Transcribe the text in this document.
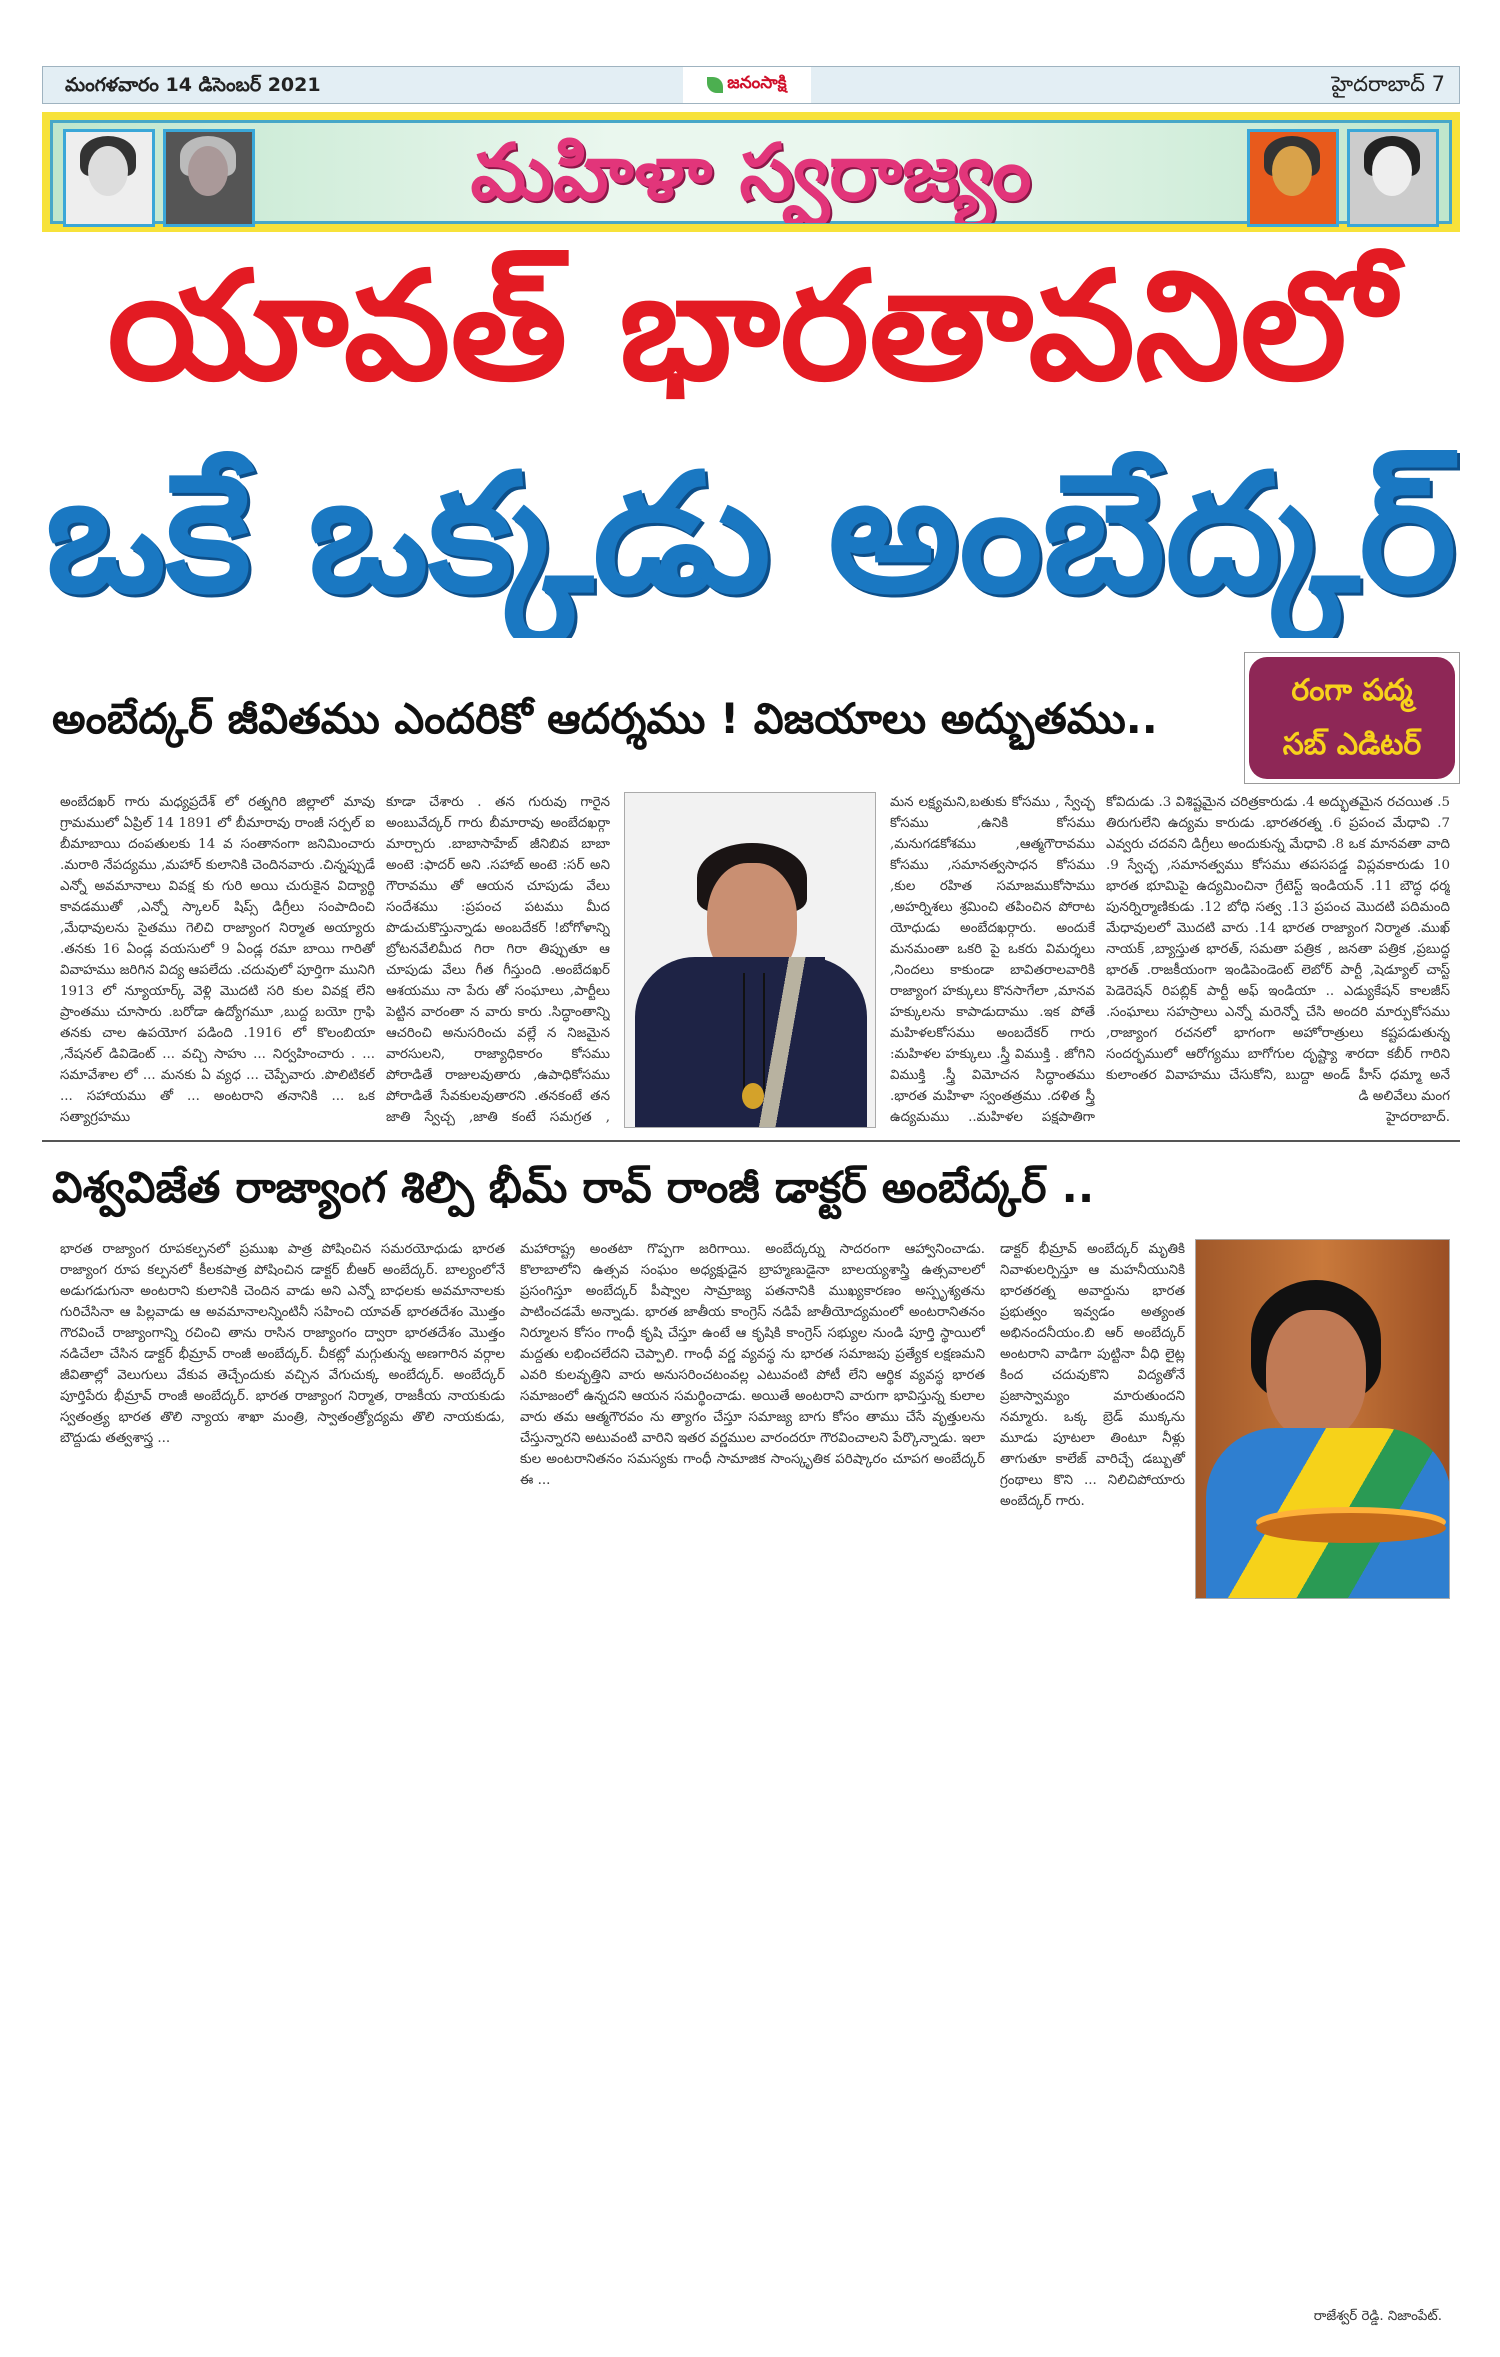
మంగళవారం 14 డిసెంబర్ 2021	జనంసాక్షి	హైదరాబాద్ 7
మహిళా స్వరాజ్యం
యావత్ భారతావనిలో
ఒకే ఒక్కడు అంబేద్కర్
అంబేద్కర్ జీవితము ఎందరికో ఆదర్శము ! విజయాలు అద్భుతము..
రంగా పద్మ
సబ్ ఎడిటర్

అంబేదఖర్ గారు మధ్యప్రదేశ్ లో రత్నగిరి జిల్లాలో మావు గ్రామములో ఏప్రిల్ 14 1891 లో బీమారావు రాంజీ సర్పల్ ఐ బీమాబాయి దంపతులకు 14 వ సంతానంగా జనిమించారు .మరాఠి నేపద్యము ,మహార్ కులానికి చెందినవారు .చిన్నప్పుడే ఎన్నో అవమానాలు వివక్ష కు గురి అయి చురుకైన విద్యార్థి కావడముతో ,ఎన్నో స్కాలర్ షిప్స్ డిగ్రీలు సంపాదించి ,మేధావులను సైతము గెలిచి రాజ్యాంగ నిర్మాత అయ్యారు .తనకు 16 ఏండ్ల వయసులో 9 ఏండ్ల రమా బాయి గారితో వివాహము జరిగిన విద్య ఆపలేదు .చదువులో పూర్తిగా మునిగి 1913 లో న్యూయార్క్ వెళ్లి మొదటి సరి కుల వివక్ష లేని ప్రాంతము చూసారు .బరోడా ఉద్యోగమూ ,బుద్ద బయో గ్రాఫి తనకు చాల ఉపయోగ పడింది .1916 లో కొలంబియా ,నేషనల్ డివిడెంట్ ... వచ్చి సాహు ... నిర్వహించారు . ... సమావేశాల లో ... మనకు ఏ వ్యధ ... చెప్పేవారు .పొలిటికల్ ... సహాయము తో ... అంటరాని తనానికి ... ఒక సత్యాగ్రహము

కూడా చేశారు . తన గురువు గారైన అంబువేద్కర్ గారు బీమారావు అంబేదఖర్గా మార్చారు .బాబాసాహేబ్ జీనిబివ బాబా అంటె :ఫాదర్ అని .సహాబ్ అంటె :సర్ అని గౌరావము తో ఆయన చూపుడు వేలు సందేశము :ప్రపంచ పటము మీద పొడుచుకొస్తున్నాడు అంబదేకర్ !బోగోళాన్ని బ్రోటనవేలిమీద గిరా గిరా తిప్పుతూ ఆ చూపుడు వేలు గీత గీస్తుంది .అంబేదఖర్ ఆశయము నా పేరు తో సంఘాలు ,పార్టీలు పెట్టిన వారంతా న వారు కారు .సిద్ధాంతాన్ని ఆచరించి అనుసరించు వల్లే న నిజమైన వారసులని, రాజ్యాధికారం కోసము పోరాడితే రాజులవుతారు ,ఉపాధికోసము పోరాడితే సేవకులవుతారని .తనకంటే తన జాతి స్వేచ్చ ,జాతి కంటే సమగ్రత ,

మన లక్ష్యమని,బతుకు కోసము , స్వేచ్ఛ కోసము ,ఉనికి కోసము ,మనుగడకోశము ,ఆత్మగౌరావము కోసము ,సమానత్వసాధన కోసము ,కుల రహిత సమాజముకోసాము ,అహర్నిశలు శ్రమించి తపించిన పోరాట యోధుడు అంబేదఖర్గారు. అందుకే మనమంతా ఒకరి పై ఒకరు విమర్శలు ,నిందలు కాకుండా బావితరాలవారికి రాజ్యాంగ హక్కులు కొనసాగేలా ,మానవ హక్కులను కాపాడుదాము .ఇక పోతే మహిళలకోసము అంబదేకర్ గారు :మహిళల హక్కులు .స్త్రీ విముక్తి . జోగిని విముక్తి .స్త్రీ విమోచన సిద్ధాంతము .భారత మహిళా స్వంతత్రము .దళిత స్త్రీ ఉద్యమము ..మహిళల పక్షపాతిగా

కోవిదుడు .3 విశిష్టమైన చరిత్రకారుడు .4 అద్భుతమైన రచయిత .5 తిరుగులేని ఉద్యమ కారుడు .భారతరత్న .6 ప్రపంచ మేధావి .7 ఎవ్వరు చదవని డిగ్రీలు అందుకున్న మేధావి .8 ఒక మానవతా వాది .9 స్వేచ్ఛ ,సమానత్వము కోసము తపసపడ్డ విప్లవకారుడు 10 భారత భూమిపై ఉద్యమించినా గ్రేటెస్ట్ ఇండియన్ .11 బౌద్ధ ధర్మ పునర్నిర్మాణికుడు .12 బోధి సత్వ .13 ప్రపంచ మొదటి పదిమంది మేధావులలో మొదటి వారు .14 భారత రాజ్యాంగ నిర్మాత .ముఖ్ నాయక్ ,బ్యాస్తుత భారత్, సమతా పత్రిక , జనతా పత్రిక ,ప్రబుద్ధ భారత్ .రాజకీయంగా ఇండిపెండెంట్ లెబోర్ పార్టీ ,షెడ్యూల్ చాస్ట్ పెడెరెషన్ రిపబ్లిక్ పార్టీ అఫ్ ఇండియా .. ఎడ్యుకేషన్ కాలజీస్ .సంఘాలు సహస్రాలు ఎన్నో మరెన్నో చేసి అందరి మార్పుకోసము ,రాజ్యాంగ రచనలో భాగంగా అహోరాత్రులు కష్టపడుతున్న సందర్భములో ఆరోగ్యము బాగోగుల దృష్ట్యా శారదా కబీర్ గారిని కులాంతర వివాహము చేసుకోని, బుద్దా అండ్ హీస్ ధమ్మా అనే

డి అలివేలు మంగ
హైదరాబాద్.
విశ్వవిజేత రాజ్యాంగ శిల్పి భీమ్ రావ్ రాంజీ డాక్టర్ అంబేద్కర్ ..

భారత రాజ్యాంగ రూపకల్పనలో ప్రముఖ పాత్ర పోషించిన సమరయోధుడు భారత రాజ్యాంగ రూప కల్పనలో కీలకపాత్ర పోషించిన డాక్టర్ బీఆర్ అంబేద్కర్. బాల్యంలోనే అడుగడుగునా అంటరాని కులానికి చెందిన వాడు అని ఎన్నో బాధలకు అవమానాలకు గురిచేసినా ఆ పిల్లవాడు ఆ అవమానాలన్నింటినీ సహించి యావత్ భారతదేశం మొత్తం గౌరవించే రాజ్యాంగాన్ని రచించి తాను రాసిన రాజ్యాంగం ద్వారా భారతదేశం మొత్తం నడిచేలా చేసిన డాక్టర్ భీమ్రావ్ రాంజీ అంబేద్కర్. చీకట్లో మగ్గుతున్న అణగారిన వర్గాల జీవితాల్లో వెలుగులు వేకువ తెచ్చేందుకు వచ్చిన వేగుచుక్క అంబేద్కర్. అంబేద్కర్ పూర్తిపేరు భీమ్రావ్ రాంజీ అంబేద్కర్. భారత రాజ్యాంగ నిర్మాత, రాజకీయ నాయకుడు స్వతంత్ర్య భారత తొలి న్యాయ శాఖా మంత్రి, స్వాతంత్ర్యోద్యమ తొలి నాయకుడు, బౌద్దుడు తత్వశాస్త్ర ...

మహారాష్ట్ర అంతటా గొప్పగా జరిగాయి. అంబేద్కర్ను సాదరంగా ఆహ్వానించాడు. కొలాబాలోని ఉత్సవ సంఘం అధ్యక్షుడైన బ్రాహ్మణుడైనా బాలయ్యశాస్త్రి ఉత్సవాలలో ప్రసంగిస్తూ అంబేద్కర్ పీష్వాల సామ్రాజ్య పతనానికి ముఖ్యకారణం అస్పృశ్యతను పాటించడమే అన్నాడు. భారత జాతీయ కాంగ్రెస్ నడిపే జాతీయోద్యమంలో అంటరానితనం నిర్మూలన కోసం గాంధీ కృషి చేస్తూ ఉంటే ఆ కృషికి కాంగ్రెస్ సభ్యుల నుండి పూర్తి స్థాయిలో మద్దతు లభించలేదని చెప్పాలి. గాంధీ వర్ణ వ్యవస్థ ను భారత సమాజపు ప్రత్యేక లక్షణమని ఎవరి కులవృత్తిని వారు అనుసరించటంవల్ల ఎటువంటి పోటీ లేని ఆర్థిక వ్యవస్థ భారత సమాజంలో ఉన్నదని ఆయన సమర్థించాడు. అయితే అంటరాని వారుగా భావిస్తున్న కులాల వారు తమ ఆత్మగౌరవం ను త్యాగం చేస్తూ సమాజ్య బాగు కోసం తాము చేసే వృత్తులను చేస్తున్నారని అటువంటి వారిని ఇతర వర్ణముల వారందరూ గౌరవించాలని పేర్కొన్నాడు. ఇలా కుల అంటరానితనం సమస్యకు గాంధీ సామాజిక సాంస్కృతిక పరిష్కారం చూపగ అంబేద్కర్ ఈ ...

డాక్టర్ భీమ్రావ్ అంబేద్కర్ మృతికి నివాళులర్పిస్తూ ఆ మహనీయునికి భారతరత్న అవార్డును భారత ప్రభుత్వం ఇవ్వడం అత్యంత అభినందనీయం.బి ఆర్ అంబేద్కర్ అంటరాని వాడిగా పుట్టినా వీధి లైట్ల కింద చదువుకొని విద్యతోనే ప్రజాస్వామ్యం మారుతుందని నమ్మారు. ఒక్క బ్రెడ్ ముక్కను మూడు పూటలా తింటూ నీళ్లు తాగుతూ కాలేజ్ వారిచ్చే డబ్బుతో గ్రంథాలు కొని ... నిలిచిపోయారు అంబేద్కర్ గారు.

రాజేశ్వర్ రెడ్డి. నిజాంపేట్.
